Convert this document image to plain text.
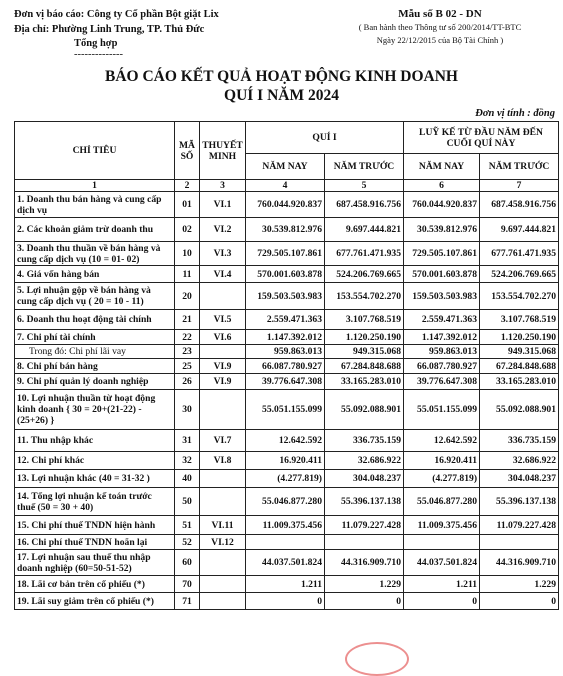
Đơn vị báo cáo: Công ty Cổ phần Bột giặt Lix
Địa chỉ: Phường Linh Trung, TP. Thủ Đức
Tổng hợp
--------------
Mẫu số B 02 - DN
( Ban hành theo Thông tư số 200/2014/TT-BTC
Ngày 22/12/2015 của Bộ Tài Chính )
BÁO CÁO KẾT QUẢ HOẠT ĐỘNG KINH DOANH
QUÍ I NĂM 2024
Đơn vị tính : đồng
CHỈ TIÊU	MÃ SỐ	THUYẾT MINH	QUÍ I		LUỸ KẾ TỪ ĐẦU NĂM ĐẾN CUỐI QUÍ NÀY	
			NĂM NAY	NĂM TRƯỚC	NĂM NAY	NĂM TRƯỚC
1	2	3	4	5	6	7
1. Doanh thu bán hàng và cung cấp dịch vụ	01	VI.1	760.044.920.837	687.458.916.756	760.044.920.837	687.458.916.756
2. Các khoản giảm trừ doanh thu	02	VI.2	30.539.812.976	9.697.444.821	30.539.812.976	9.697.444.821
3. Doanh thu thuần về bán hàng và cung cấp dịch vụ (10 = 01- 02)	10	VI.3	729.505.107.861	677.761.471.935	729.505.107.861	677.761.471.935
4. Giá vốn hàng bán	11	VI.4	570.001.603.878	524.206.769.665	570.001.603.878	524.206.769.665
5. Lợi nhuận gộp về bán hàng và cung cấp dịch vụ ( 20 = 10 - 11)	20		159.503.503.983	153.554.702.270	159.503.503.983	153.554.702.270
6. Doanh thu hoạt động tài chính	21	VI.5	2.559.471.363	3.107.768.519	2.559.471.363	3.107.768.519
7. Chi phí tài chính	22	VI.6	1.147.392.012	1.120.250.190	1.147.392.012	1.120.250.190
Trong đó: Chi phí lãi vay	23		959.863.013	949.315.068	959.863.013	949.315.068
8. Chi phí bán hàng	25	VI.9	66.087.780.927	67.284.848.688	66.087.780.927	67.284.848.688
9. Chi phí quản lý doanh nghiệp	26	VI.9	39.776.647.308	33.165.283.010	39.776.647.308	33.165.283.010
10. Lợi nhuận thuần từ hoạt động kinh doanh { 30 = 20+(21-22) - (25+26) }	30		55.051.155.099	55.092.088.901	55.051.155.099	55.092.088.901
11. Thu nhập khác	31	VI.7	12.642.592	336.735.159	12.642.592	336.735.159
12. Chi phí khác	32	VI.8	16.920.411	32.686.922	16.920.411	32.686.922
13. Lợi nhuận khác (40 = 31-32 )	40		(4.277.819)	304.048.237	(4.277.819)	304.048.237
14. Tổng lợi nhuận kế toán trước thuế (50 = 30 + 40)	50		55.046.877.280	55.396.137.138	55.046.877.280	55.396.137.138
15. Chi phí thuế TNDN hiện hành	51	VI.11	11.009.375.456	11.079.227.428	11.009.375.456	11.079.227.428
16. Chi phí thuế TNDN hoãn lại	52	VI.12				
17. Lợi nhuận sau thuế thu nhập doanh nghiệp (60=50-51-52)	60		44.037.501.824	44.316.909.710	44.037.501.824	44.316.909.710
18. Lãi cơ bản trên cổ phiếu (*)	70		1.211	1.229	1.211	1.229
19. Lãi suy giảm trên cổ phiếu (*)	71		0	0	0	0
